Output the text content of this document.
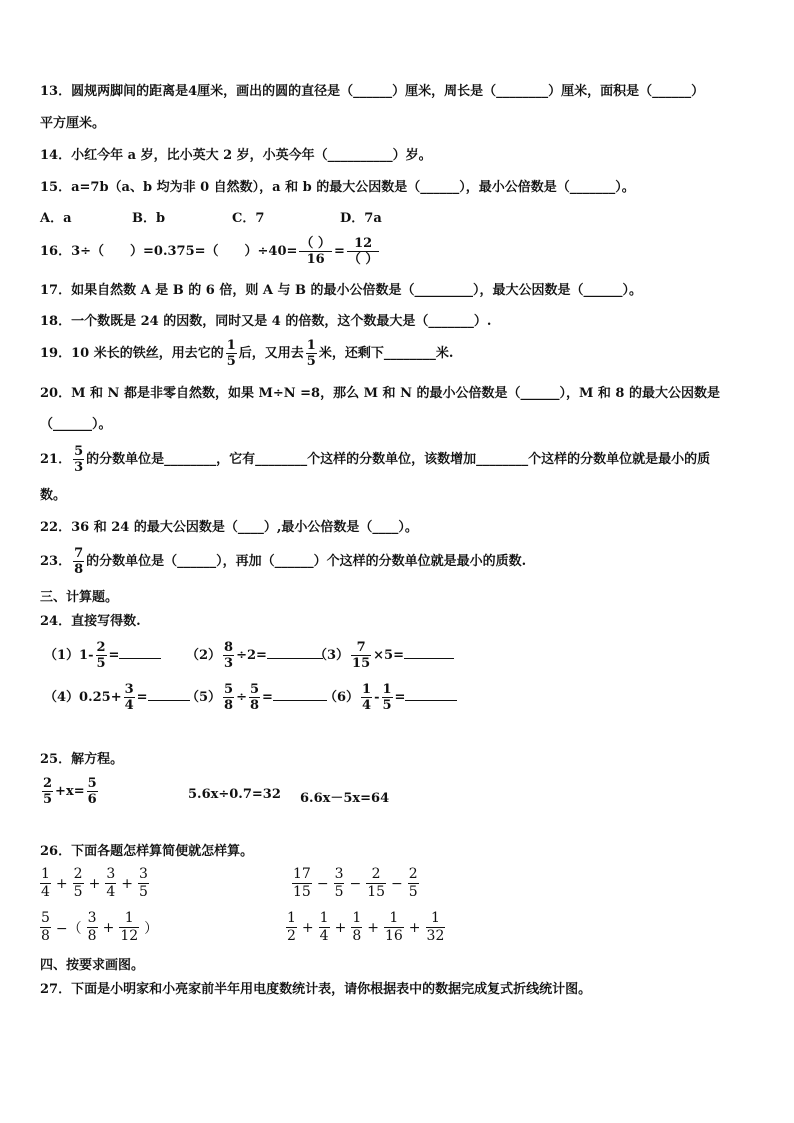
13．圆规两脚间的距离是4厘米，画出的圆的直径是（______）厘米，周长是（________）厘米，面积是（______）
平方厘米。
14．小红今年 a 岁，比小英大 2 岁，小英今年（__________）岁。
15．a=7b（a、b 均为非 0 自然数），a 和 b 的最大公因数是（______），最小公倍数是（_______）。
A．a	B．b	C．7	D．7a
16．3÷（　　）=0.375=（　　）$\div 40= \frac{( )}{16} = \frac{12}{( )}$
17．如果自然数 A 是 B 的 6 倍，则 A 与 B 的最小公倍数是（_________），最大公因数是（______）。
18．一个数既是 24 的因数，同时又是 4 的倍数，这个数最大是（_______）.
19．10 米长的铁丝，用去它的 $\frac{1}{5}$ 后，又用去 $\frac{1}{5}$ 米，还剩下________米.
20．M 和 N 都是非零自然数，如果 M÷N =8，那么 M 和 N 的最小公倍数是（______），M 和 8 的最大公因数是
（______）。
21． $\frac{5}{3}$ 的分数单位是________，它有________个这样的分数单位，该数增加________个这样的分数单位就是最小的质
数。
22．36 和 24 的最大公因数是（____）,最小公倍数是（____）。
23． $\frac{7}{8}$ 的分数单位是（______），再加（______）个这样的分数单位就是最小的质数.
三、计算题。
24．直接写得数.
$(1)1- \frac{2}{5}$ =	$(2) \frac{8}{3} \div 2=$	$(3) \frac{7}{15} \times 5=$
$(4)0.25+ \frac{3}{4}$ =	$(5) \frac{5}{8} \div \frac{5}{8}$ =	$(6) \frac{1}{4} - \frac{1}{5}$ =
25．解方程。
$\frac{2}{5} +x= \frac{5}{6}$	5.6x÷0.7=32 6.6x－5x=64
26．下面各题怎样算简便就怎样算。
$\frac{1}{4} + \frac{2}{5} + \frac{3}{4} + \frac{3}{5}$	$\frac{17}{15} - \frac{3}{5} - \frac{2}{15} - \frac{2}{5}$
$\frac{5}{8}$ −（ $\frac{3}{8} + \frac{1}{12}$ ）	$\frac{1}{2} + \frac{1}{4} + \frac{1}{8} + \frac{1}{16} + \frac{1}{32}$
四、按要求画图。
27．下面是小明家和小亮家前半年用电度数统计表，请你根据表中的数据完成复式折线统计图。
